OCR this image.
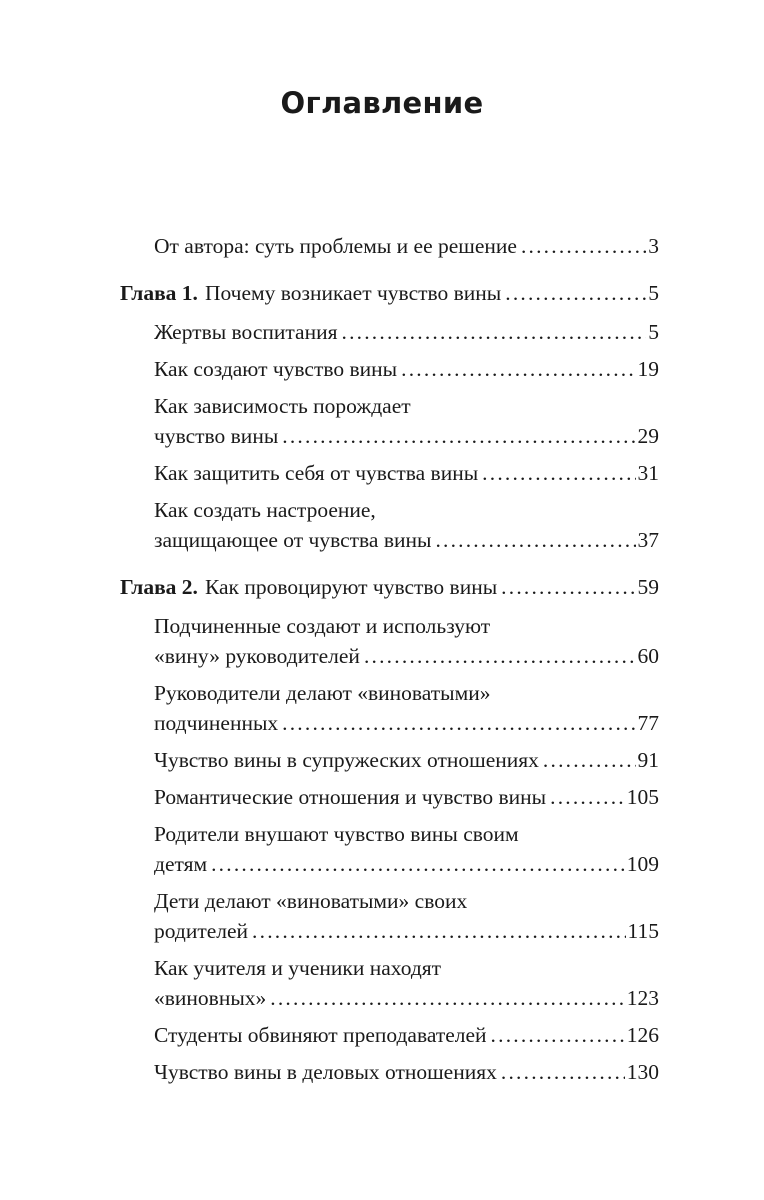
Оглавление
От автора: суть проблемы и ее решение .....	3
Глава 1. Почему возникает чувство вины .....	5
Жертвы воспитания .....	5
Как создают чувство вины .....	19
Как зависимость порождает
чувство вины .....	29
Как защитить себя от чувства вины .....	31
Как создать настроение,
защищающее от чувства вины .....	37
Глава 2. Как провоцируют чувство вины .....	59
Подчиненные создают и используют
«вину» руководителей .....	60
Руководители делают «виноватыми»
подчиненных .....	77
Чувство вины в супружеских отношениях .....	91
Романтические отношения и чувство вины .....	105
Родители внушают чувство вины своим
детям .....	109
Дети делают «виноватыми» своих
родителей .....	115
Как учителя и ученики находят
«виновных» .....	123
Студенты обвиняют преподавателей .....	126
Чувство вины в деловых отношениях .....	130
